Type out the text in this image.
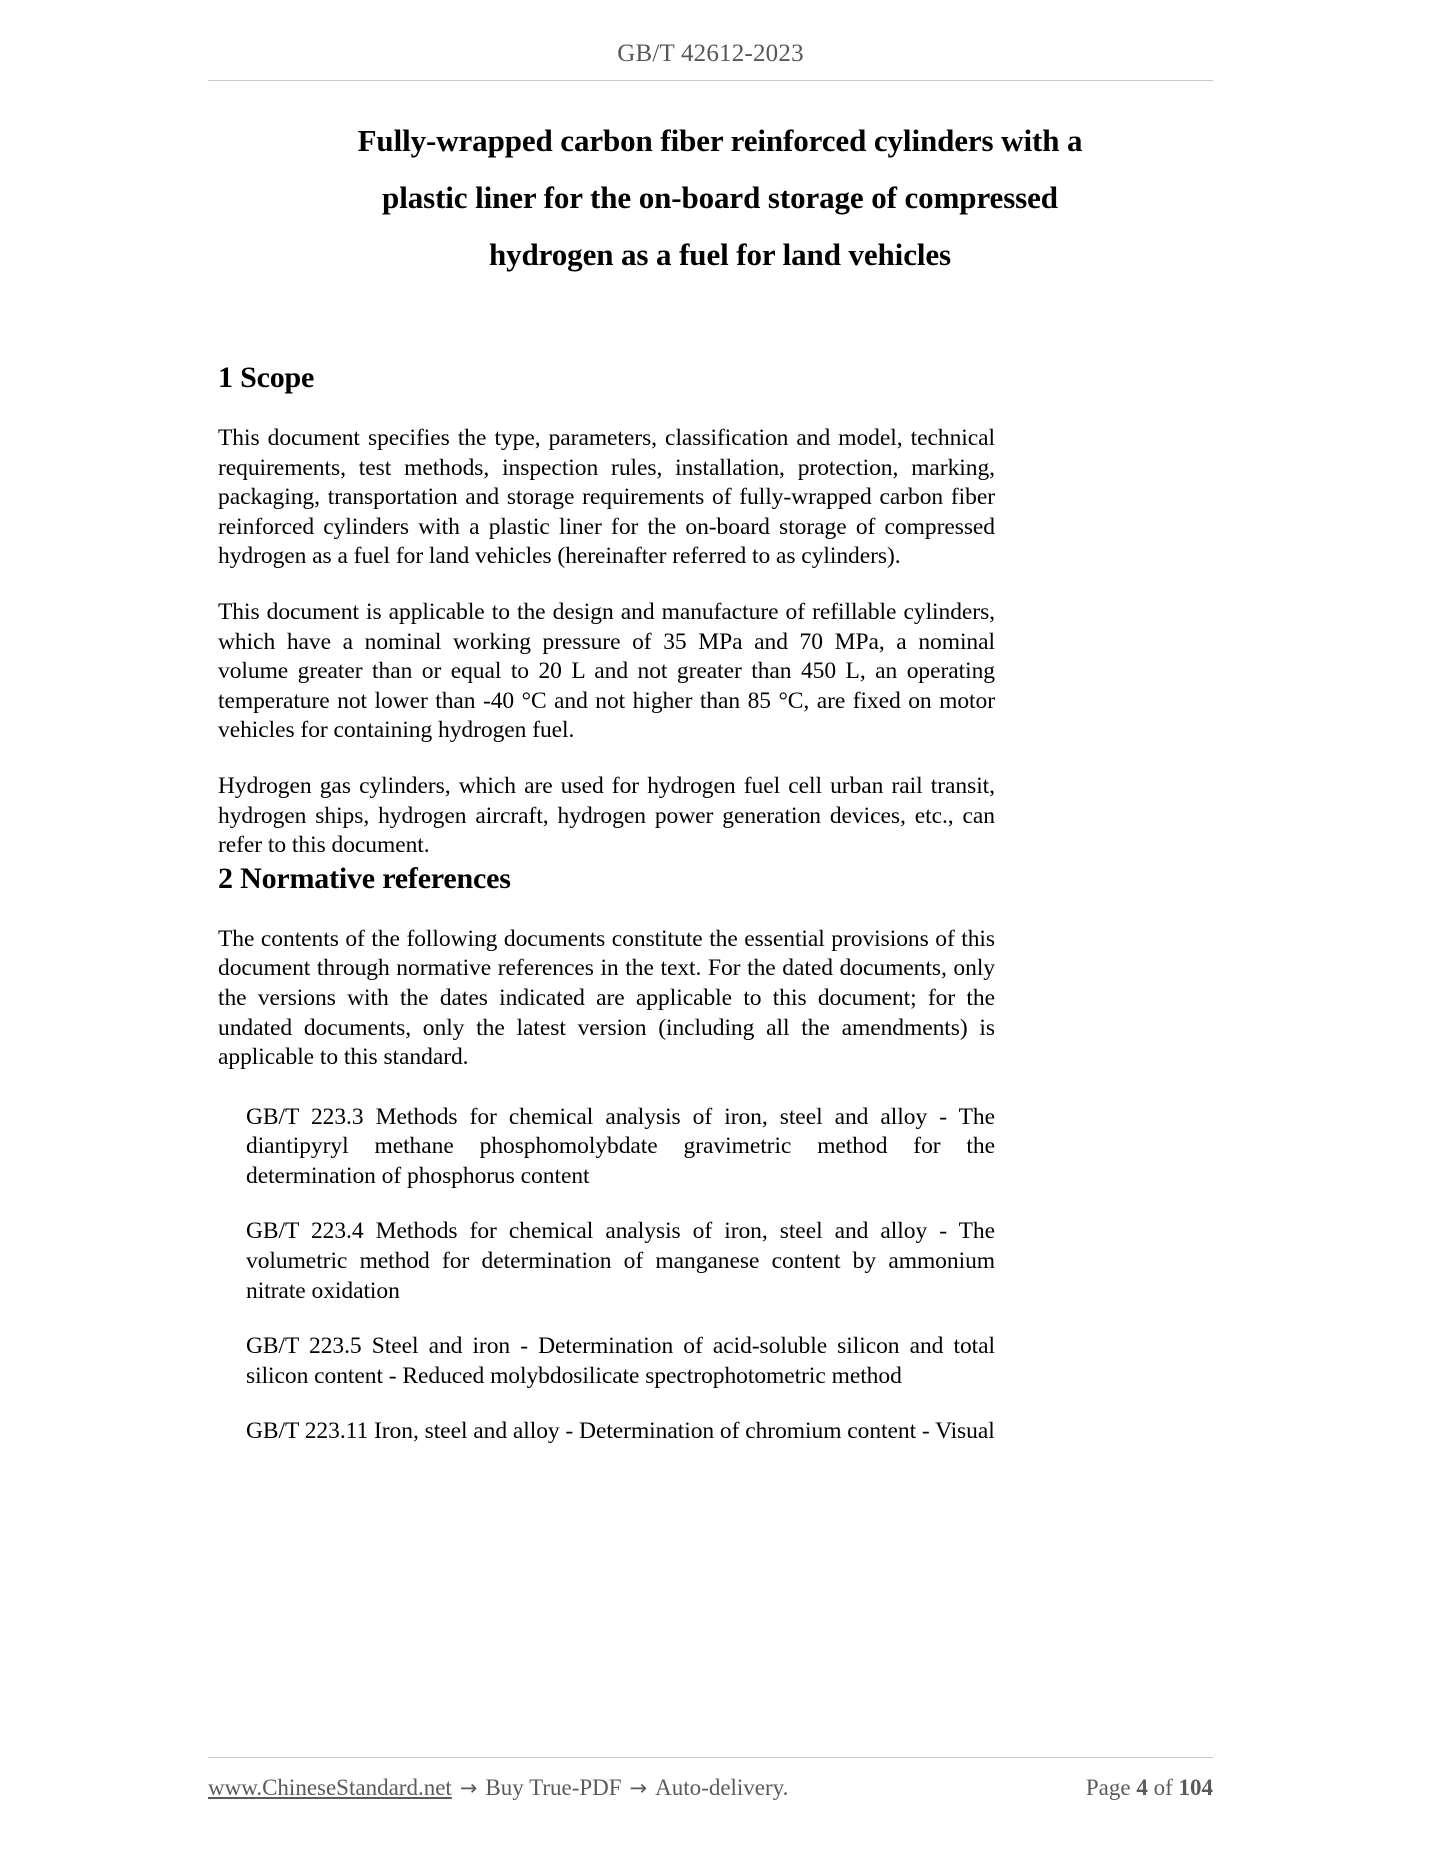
GB/T 42612-2023
Fully-wrapped carbon fiber reinforced cylinders with a
plastic liner for the on-board storage of compressed
hydrogen as a fuel for land vehicles
1 Scope

This document specifies the type, parameters, classification and model, technical requirements, test methods, inspection rules, installation, protection, marking, packaging, transportation and storage requirements of fully-wrapped carbon fiber reinforced cylinders with a plastic liner for the on-board storage of compressed hydrogen as a fuel for land vehicles (hereinafter referred to as cylinders).

This document is applicable to the design and manufacture of refillable cylinders, which have a nominal working pressure of 35 MPa and 70 MPa, a nominal volume greater than or equal to 20 L and not greater than 450 L, an operating temperature not lower than -40 °C and not higher than 85 °C, are fixed on motor vehicles for containing hydrogen fuel.

Hydrogen gas cylinders, which are used for hydrogen fuel cell urban rail transit, hydrogen ships, hydrogen aircraft, hydrogen power generation devices, etc., can refer to this document.

2 Normative references

The contents of the following documents constitute the essential provisions of this document through normative references in the text. For the dated documents, only the versions with the dates indicated are applicable to this document; for the undated documents, only the latest version (including all the amendments) is applicable to this standard.

GB/T 223.3 Methods for chemical analysis of iron, steel and alloy - The diantipyryl methane phosphomolybdate gravimetric method for the determination of phosphorus content

GB/T 223.4 Methods for chemical analysis of iron, steel and alloy - The volumetric method for determination of manganese content by ammonium nitrate oxidation

GB/T 223.5 Steel and iron - Determination of acid-soluble silicon and total silicon content - Reduced molybdosilicate spectrophotometric method

GB/T 223.11 Iron, steel and alloy - Determination of chromium content - Visual

www.ChineseStandard.net → Buy True-PDF → Auto-delivery.	Page 4 of 104
